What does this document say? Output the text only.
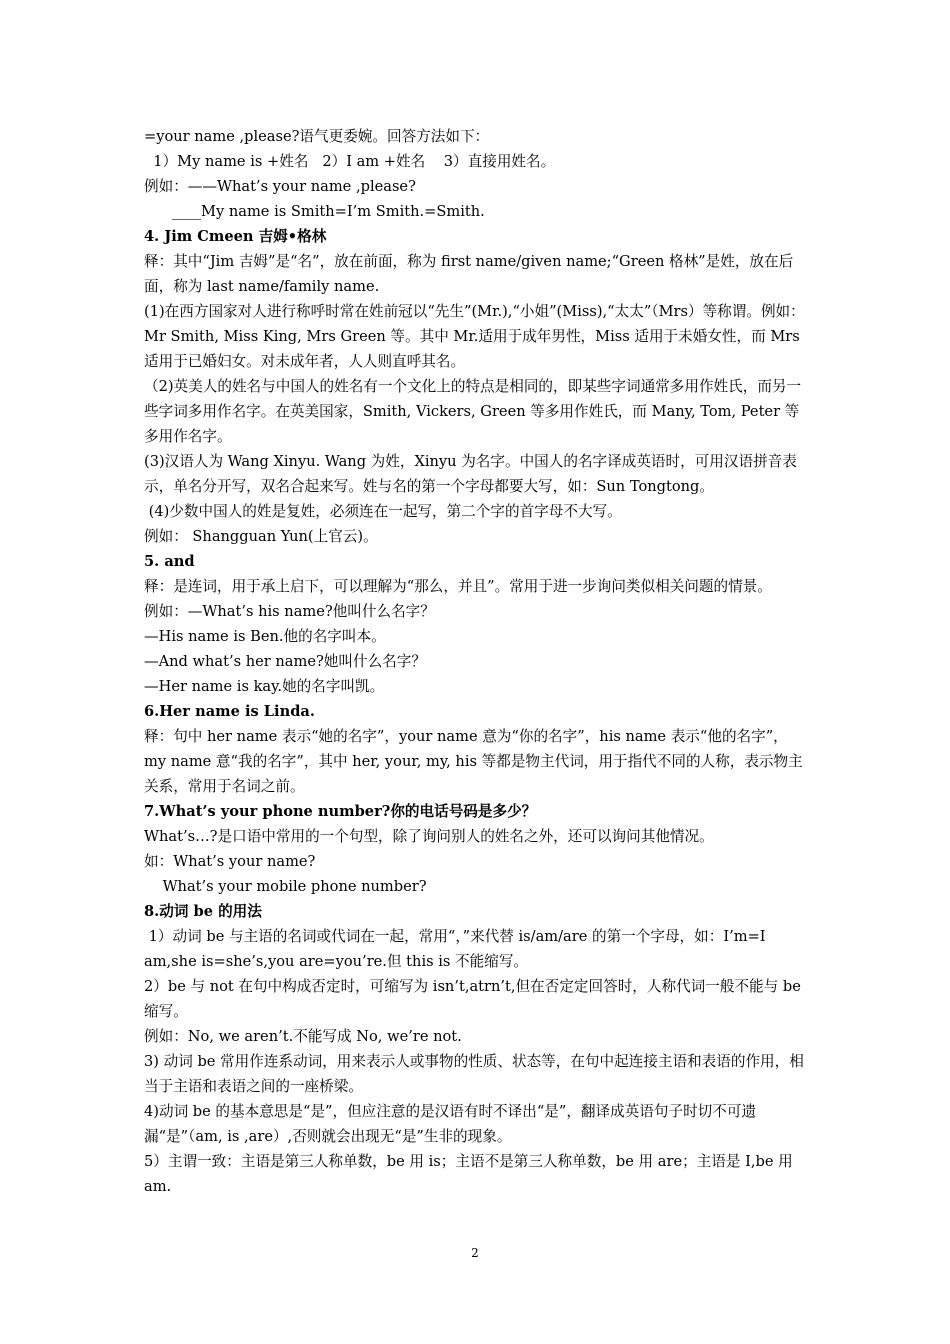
=your name ,please?语气更委婉。回答方法如下：
1）My name is +姓名   2）I am +姓名    3）直接用姓名。
例如：——What’s your name ,please?
____My name is Smith=I’m Smith.=Smith.
4. Jim Cmeen 吉姆•格林
释：其中“Jim 吉姆”是“名”，放在前面，称为 first name/given name;“Green 格林”是姓，放在后面，称为 last name/family name.
(1)在西方国家对人进行称呼时常在姓前冠以“先生”(Mr.),“小姐”(Miss),“太太”（Mrs）等称谓。例如：Mr Smith, Miss King, Mrs Green 等。其中 Mr.适用于成年男性，Miss 适用于未婚女性，而 Mrs 适用于已婚妇女。对未成年者，人人则直呼其名。
（2)英美人的姓名与中国人的姓名有一个文化上的特点是相同的，即某些字词通常多用作姓氏，而另一些字词多用作名字。在英美国家，Smith, Vickers, Green 等多用作姓氏，而 Many, Tom, Peter 等多用作名字。
(3)汉语人为 Wang Xinyu. Wang 为姓，Xinyu 为名字。中国人的名字译成英语时，可用汉语拼音表示，单名分开写，双名合起来写。姓与名的第一个字母都要大写，如：Sun Tongtong。
(4)少数中国人的姓是复姓，必须连在一起写，第二个字的首字母不大写。
例如： Shangguan Yun(上官云)。
5. and
释：是连词，用于承上启下，可以理解为“那么，并且”。常用于进一步询问类似相关问题的情景。
例如：—What’s his name?他叫什么名字？
—His name is Ben.他的名字叫本。
—And what’s her name?她叫什么名字？
—Her name is kay.她的名字叫凯。
6.Her name is Linda.
释：句中 her name 表示“她的名字”，your name 意为“你的名字”，his name 表示“他的名字”，my name 意“我的名字”，其中 her, your, my, his 等都是物主代词，用于指代不同的人称，表示物主关系，常用于名词之前。
7.What’s your phone number?你的电话号码是多少？
What’s…?是口语中常用的一个句型，除了询问别人的姓名之外，还可以询问其他情况。
如：What’s your name?
What’s your mobile phone number?
8.动词 be 的用法
1）动词 be 与主语的名词或代词在一起，常用“，”来代替 is/am/are 的第一个字母，如：I’m=I am,she is=she’s,you are=you’re.但 this is 不能缩写。
2）be 与 not 在句中构成否定时，可缩写为 isn’t,atrn’t,但在否定定回答时，人称代词一般不能与 be 缩写。
例如：No, we aren’t.不能写成 No, we’re not.
3) 动词 be 常用作连系动词，用来表示人或事物的性质、状态等，在句中起连接主语和表语的作用，相当于主语和表语之间的一座桥梁。
4)动词 be 的基本意思是“是”，但应注意的是汉语有时不译出“是”，翻译成英语句子时切不可遗漏“是”（am, is ,are）,否则就会出现无“是”生非的现象。
5）主谓一致：主语是第三人称单数，be 用 is；主语不是第三人称单数，be 用 are；主语是 I,be 用 am.
2
